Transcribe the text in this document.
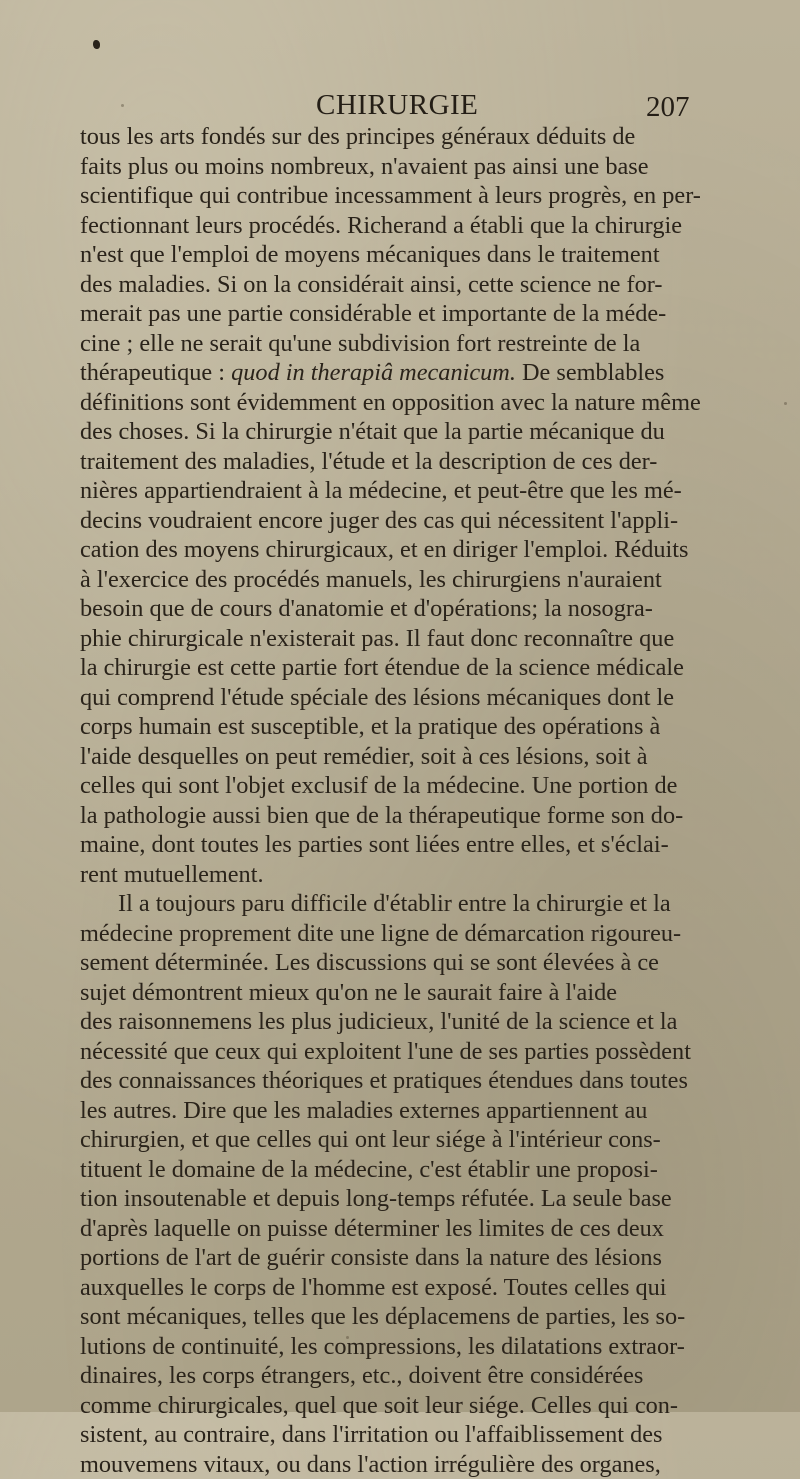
CHIRURGIE	207
tous les arts fondés sur des principes généraux déduits de
faits plus ou moins nombreux, n'avaient pas ainsi une base
scientifique qui contribue incessamment à leurs progrès, en per-
fectionnant leurs procédés. Richerand a établi que la chirurgie
n'est que l'emploi de moyens mécaniques dans le traitement
des maladies. Si on la considérait ainsi, cette science ne for-
merait pas une partie considérable et importante de la méde-
cine ; elle ne serait qu'une subdivision fort restreinte de la
thérapeutique : quod in therapiâ mecanicum. De semblables
définitions sont évidemment en opposition avec la nature même
des choses. Si la chirurgie n'était que la partie mécanique du
traitement des maladies, l'étude et la description de ces der-
nières appartiendraient à la médecine, et peut-être que les mé-
decins voudraient encore juger des cas qui nécessitent l'appli-
cation des moyens chirurgicaux, et en diriger l'emploi. Réduits
à l'exercice des procédés manuels, les chirurgiens n'auraient
besoin que de cours d'anatomie et d'opérations; la nosogra-
phie chirurgicale n'existerait pas. Il faut donc reconnaître que
la chirurgie est cette partie fort étendue de la science médicale
qui comprend l'étude spéciale des lésions mécaniques dont le
corps humain est susceptible, et la pratique des opérations à
l'aide desquelles on peut remédier, soit à ces lésions, soit à
celles qui sont l'objet exclusif de la médecine. Une portion de
la pathologie aussi bien que de la thérapeutique forme son do-
maine, dont toutes les parties sont liées entre elles, et s'éclai-
rent mutuellement.
Il a toujours paru difficile d'établir entre la chirurgie et la
médecine proprement dite une ligne de démarcation rigoureu-
sement déterminée. Les discussions qui se sont élevées à ce
sujet démontrent mieux qu'on ne le saurait faire à l'aide
des raisonnemens les plus judicieux, l'unité de la science et la
nécessité que ceux qui exploitent l'une de ses parties possèdent
des connaissances théoriques et pratiques étendues dans toutes
les autres. Dire que les maladies externes appartiennent au
chirurgien, et que celles qui ont leur siége à l'intérieur cons-
tituent le domaine de la médecine, c'est établir une proposi-
tion insoutenable et depuis long-temps réfutée. La seule base
d'après laquelle on puisse déterminer les limites de ces deux
portions de l'art de guérir consiste dans la nature des lésions
auxquelles le corps de l'homme est exposé. Toutes celles qui
sont mécaniques, telles que les déplacemens de parties, les so-
lutions de continuité, les compressions, les dilatations extraor-
dinaires, les corps étrangers, etc., doivent être considérées
comme chirurgicales, quel que soit leur siége. Celles qui con-
sistent, au contraire, dans l'irritation ou l'affaiblissement des
mouvemens vitaux, ou dans l'action irrégulière des organes,
